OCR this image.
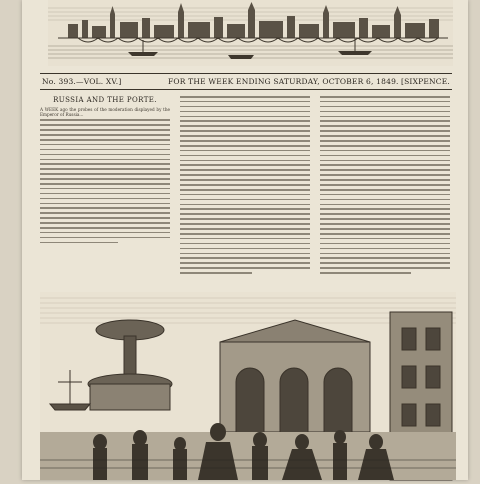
No. 393.—VOL. XV.]	FOR THE WEEK ENDING SATURDAY, OCTOBER 6, 1849. [SIXPENCE.
RUSSIA AND THE PORTE.
A WEEK ago the probes of the moderation displayed by the Emperor of Russia...
